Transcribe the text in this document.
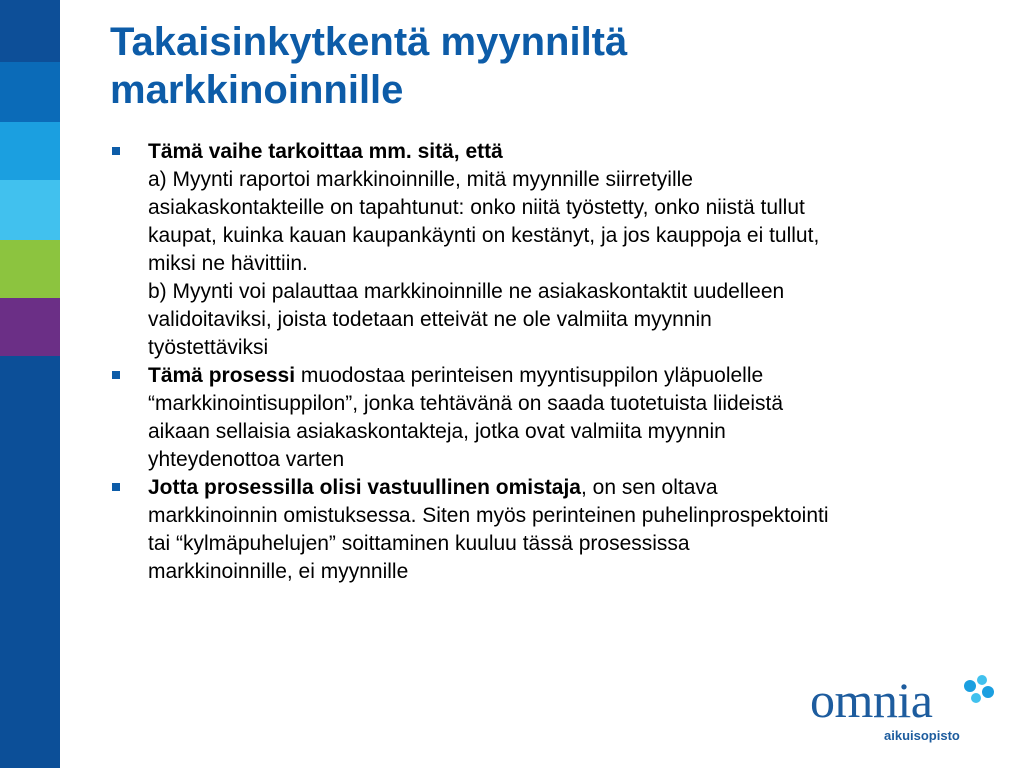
Takaisinkytkentä myynniltä
markkinoinnille
Tämä vaihe tarkoittaa mm. sitä, että
a) Myynti raportoi markkinoinnille, mitä myynnille siirretyille
asiakaskontakteille on tapahtunut: onko niitä työstetty, onko niistä tullut
kaupat, kuinka kauan kaupankäynti on kestänyt, ja jos kauppoja ei tullut,
miksi ne hävittiin.
b) Myynti voi palauttaa markkinoinnille ne asiakaskontaktit uudelleen
validoitaviksi, joista todetaan etteivät ne ole valmiita myynnin
työstettäviksi
Tämä prosessi muodostaa perinteisen myyntisuppilon yläpuolelle
“markkinointisuppilon”, jonka tehtävänä on saada tuotetuista liideistä
aikaan sellaisia asiakaskontakteja, jotka ovat valmiita myynnin
yhteydenottoa varten
Jotta prosessilla olisi vastuullinen omistaja, on sen oltava
markkinoinnin omistuksessa. Siten myös perinteinen puhelinprospektointi
tai “kylmäpuhelujen” soittaminen kuuluu tässä prosessissa
markkinoinnille, ei myynnille
omnia
aikuisopisto
